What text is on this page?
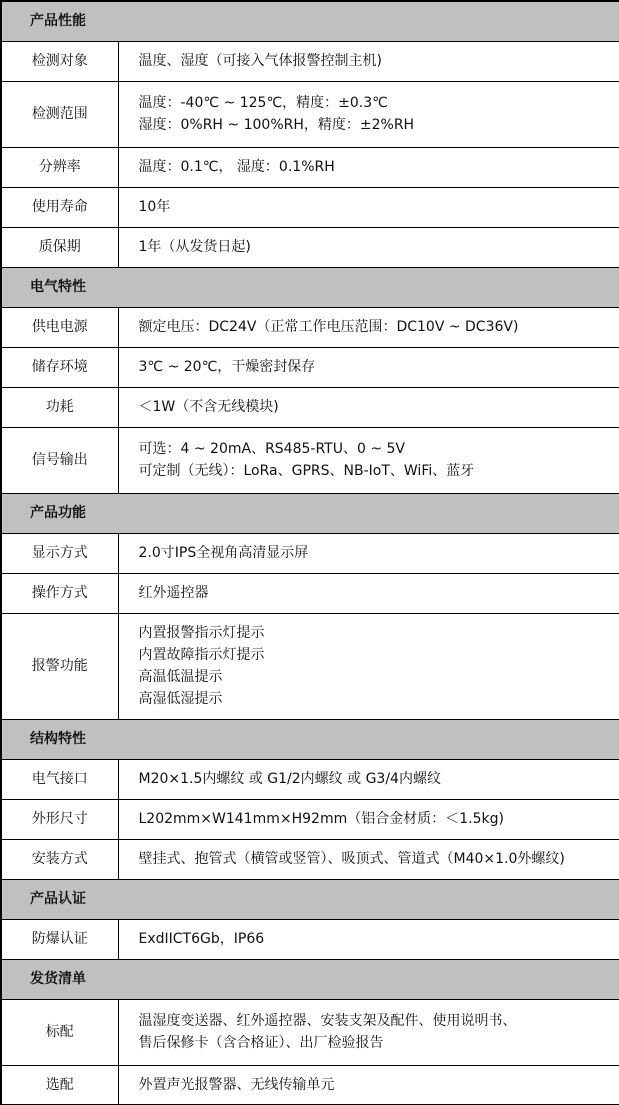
产品性能	
检测对象	温度、湿度（可接入气体报警控制主机)

检测范围	温度：-40℃ ~ 125℃，精度：±0.3℃
湿度：0%RH ~ 100%RH，精度：±2%RH

分辨率	温度：0.1℃， 湿度：0.1%RH

使用寿命	10年

质保期	1年（从发货日起)

电气特性	
供电电源	额定电压：DC24V（正常工作电压范围：DC10V ~ DC36V)

储存环境	3℃ ~ 20℃，干燥密封保存

功耗	＜1W（不含无线模块)

信号输出	可选：4 ~ 20mA、RS485-RTU、0 ~ 5V
可定制（无线）：LoRa、GPRS、NB-IoT、WiFi、蓝牙

产品功能	
显示方式	2.0寸IPS全视角高清显示屏

操作方式	红外遥控器

报警功能	内置报警指示灯提示
内置故障指示灯提示
高温低温提示
高湿低湿提示

结构特性	
电气接口	M20×1.5内螺纹 或 G1/2内螺纹 或 G3/4内螺纹

外形尺寸	L202mm×W141mm×H92mm（铝合金材质：＜1.5kg)

安装方式	壁挂式、抱管式（横管或竖管）、吸顶式、管道式（M40×1.0外螺纹)

产品认证	
防爆认证	ExdIICT6Gb，IP66

发货清单	
标配	温湿度变送器、红外遥控器、安装支架及配件、使用说明书、
售后保修卡（含合格证）、出厂检验报告

选配	外置声光报警器、无线传输单元
